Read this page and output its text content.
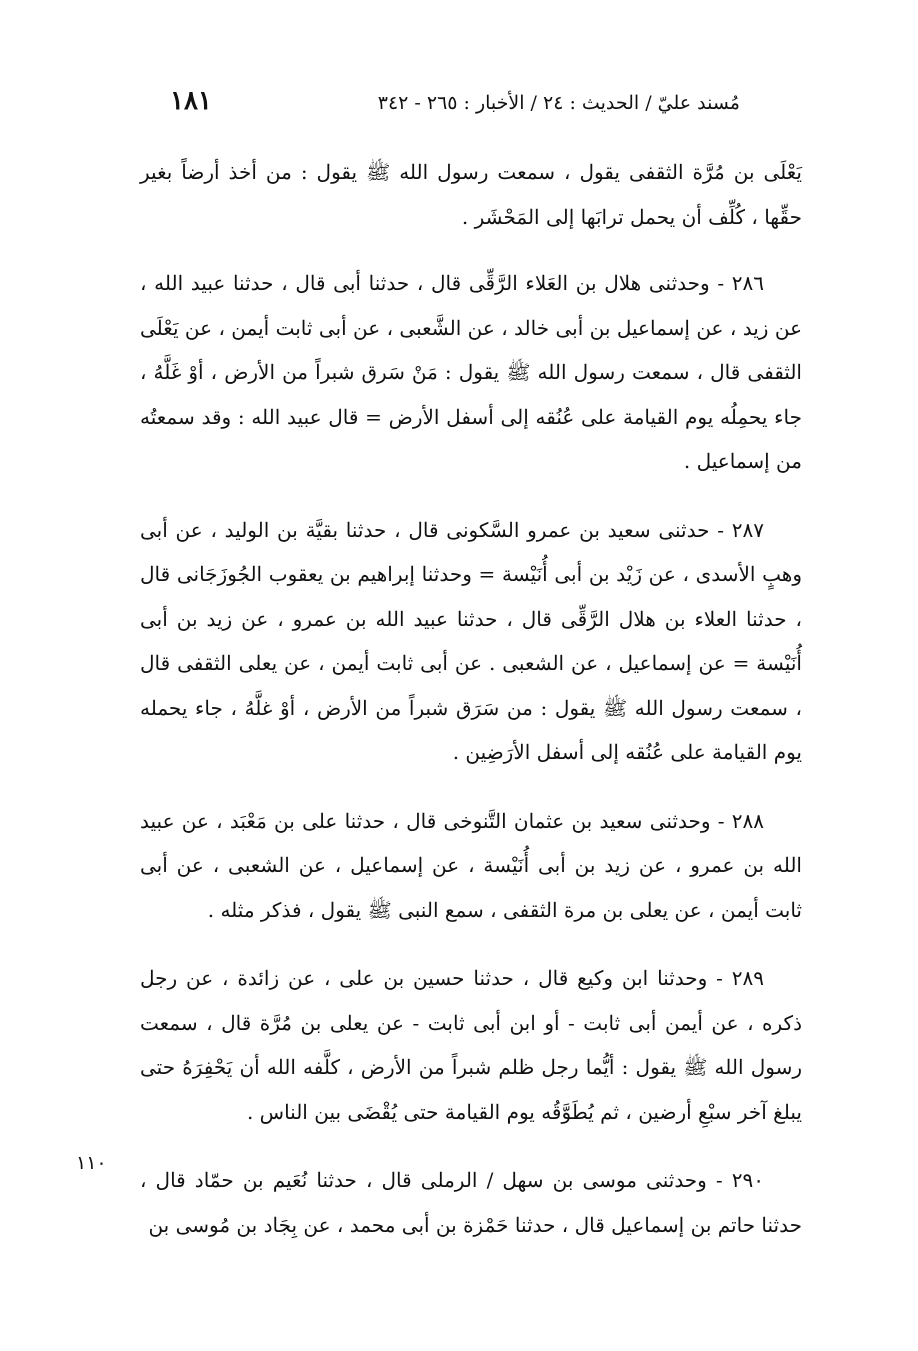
مُسند عليّ / الحديث : ٢٤ / الأخبار : ٢٦٥ - ٣٤٢
١٨١

يَعْلَى بن مُرَّة الثقفى يقول ، سمعت رسول الله ﷺ يقول : من أخذ أرضاً بغير حقِّها ، كُلِّف أن يحمل ترابَها إلى المَحْشَر .

٢٨٦ - وحدثنى هلال بن العَلاء الرَّقِّى قال ، حدثنا أبى قال ، حدثنا عبيد الله ، عن زيد ، عن إسماعيل بن أبى خالد ، عن الشَّعبى ، عن أبى ثابت أيمن ، عن يَعْلَى الثقفى قال ، سمعت رسول الله ﷺ يقول : مَنْ سَرق شبراً من الأرض ، أوْ غَلَّهُ ، جاء يحمِلُه يوم القيامة على عُنُقه إلى أسفل الأرض = قال عبيد الله : وقد سمعتُه من إسماعيل .

٢٨٧ - حدثنى سعيد بن عمرو السَّكونى قال ، حدثنا بقيَّة بن الوليد ، عن أبى وهبٍ الأسدى ، عن زَيْد بن أبى أُنَيْسة = وحدثنا إبراهيم بن يعقوب الجُوزَجَانى قال ، حدثنا العلاء بن هلال الرَّقِّى قال ، حدثنا عبيد الله بن عمرو ، عن زيد بن أبى أُنَيْسة = عن إسماعيل ، عن الشعبى . عن أبى ثابت أيمن ، عن يعلى الثقفى قال ، سمعت رسول الله ﷺ يقول : من سَرَق شبراً من الأرض ، أوْ غلَّهُ ، جاء يحمله يوم القيامة على عُنُقه إلى أسفل الأرَضِين .

٢٨٨ - وحدثنى سعيد بن عثمان التَّنوخى قال ، حدثنا على بن مَعْبَد ، عن عبيد الله بن عمرو ، عن زيد بن أبى أُنَيْسة ، عن إسماعيل ، عن الشعبى ، عن أبى ثابت أيمن ، عن يعلى بن مرة الثقفى ، سمع النبى ﷺ يقول ، فذكر مثله .

٢٨٩ - وحدثنا ابن وكيع قال ، حدثنا حسين بن على ، عن زائدة ، عن رجل ذكره ، عن أيمن أبى ثابت - أو ابن أبى ثابت - عن يعلى بن مُرَّة قال ، سمعت رسول الله ﷺ يقول : أيُّما رجل ظلم شبراً من الأرض ، كلَّفه الله أن يَحْفِرَهُ حتى يبلغ آخر سبْعِ أرضين ، ثم يُطَوَّقُه يوم القيامة حتى يُقْضَى بين الناس .

٢٩٠ - وحدثنى موسى بن سهل / الرملى قال ، حدثنا نُعَيم بن حمّاد قال ، حدثنا حاتم بن إسماعيل قال ، حدثنا حَمْزة بن أبى محمد ، عن بِجَاد بن مُوسى بن

١١٠
